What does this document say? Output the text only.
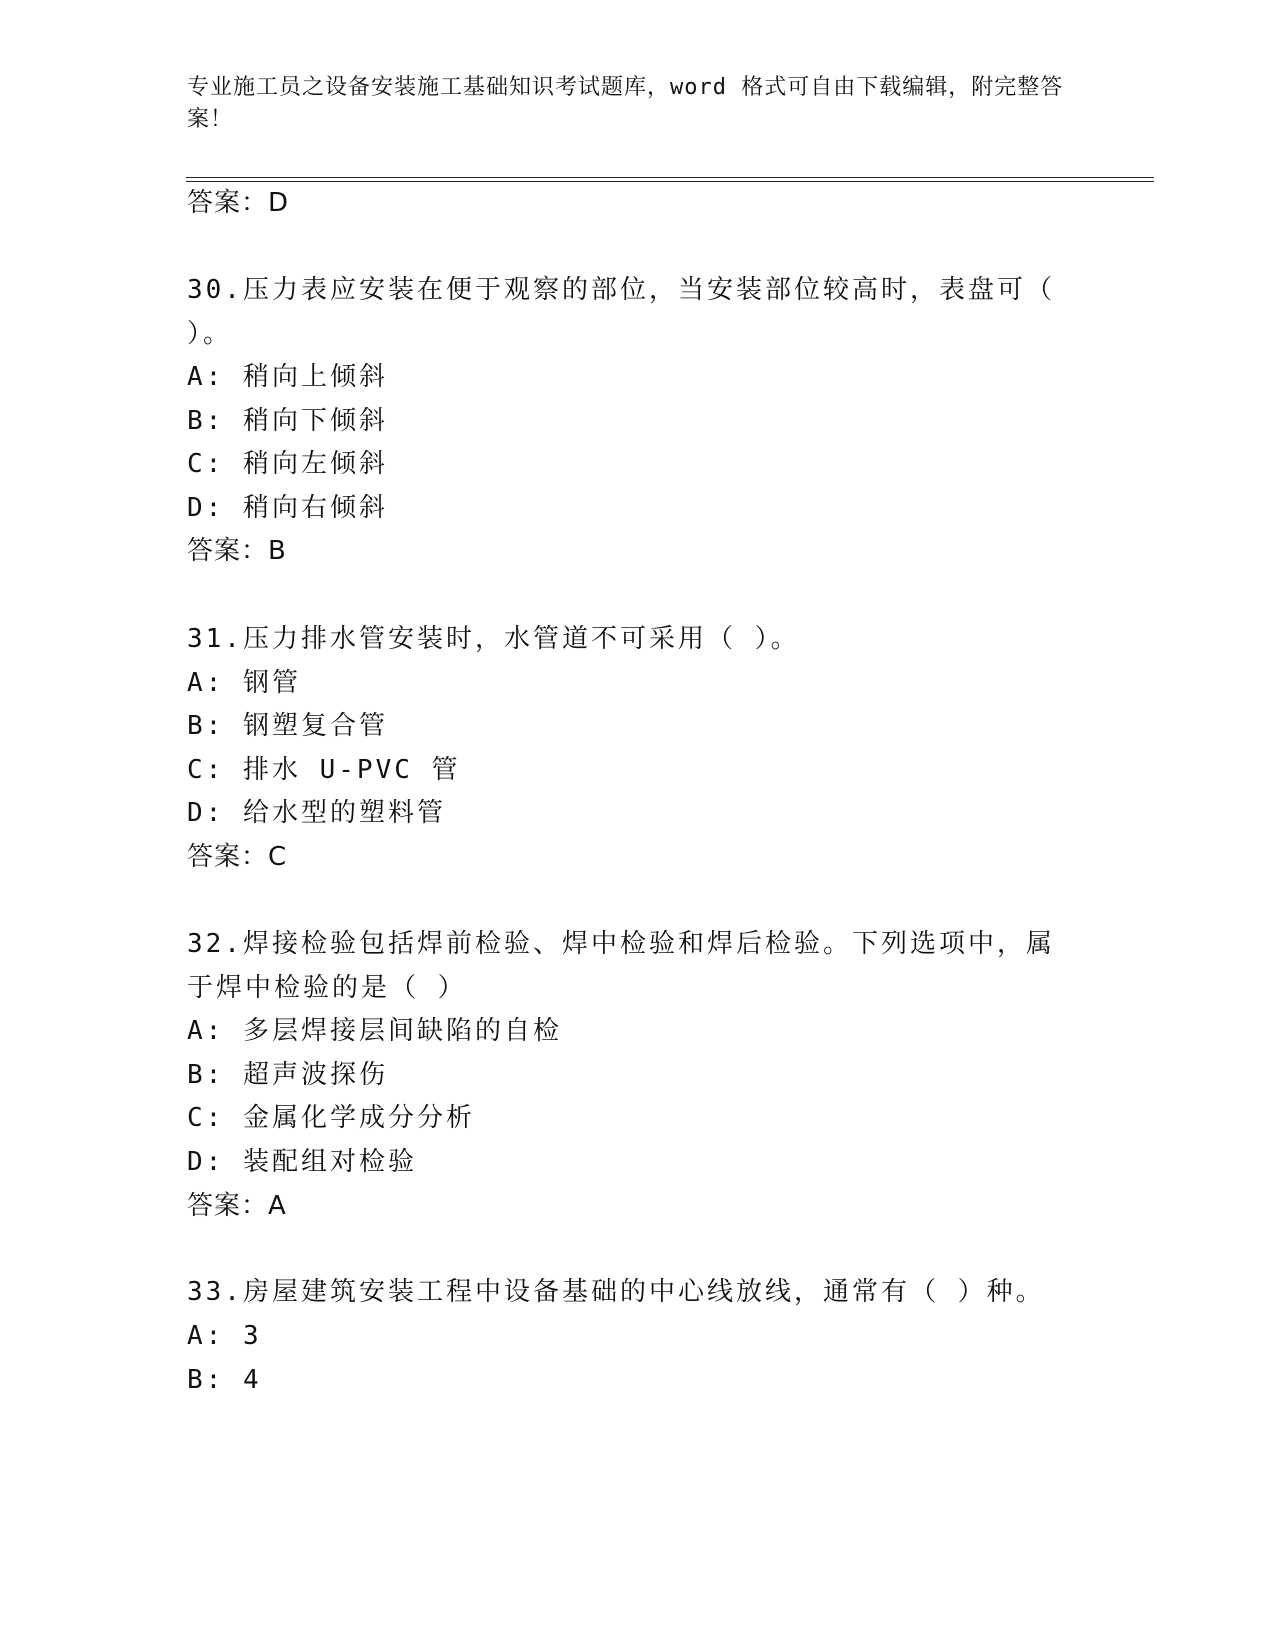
专业施工员之设备安装施工基础知识考试题库，word 格式可自由下载编辑，附完整答案！
答案：D
30.压力表应安装在便于观察的部位，当安装部位较高时，表盘可（ ）。
A: 稍向上倾斜
B: 稍向下倾斜
C: 稍向左倾斜
D: 稍向右倾斜
答案：B
31.压力排水管安装时，水管道不可采用（ ）。
A: 钢管
B: 钢塑复合管
C: 排水 U-PVC 管
D: 给水型的塑料管
答案：C
32.焊接检验包括焊前检验、焊中检验和焊后检验。下列选项中，属于焊中检验的是（ ）
A: 多层焊接层间缺陷的自检
B: 超声波探伤
C: 金属化学成分分析
D: 装配组对检验
答案：A
33.房屋建筑安装工程中设备基础的中心线放线，通常有（ ）种。
A: 3
B: 4
